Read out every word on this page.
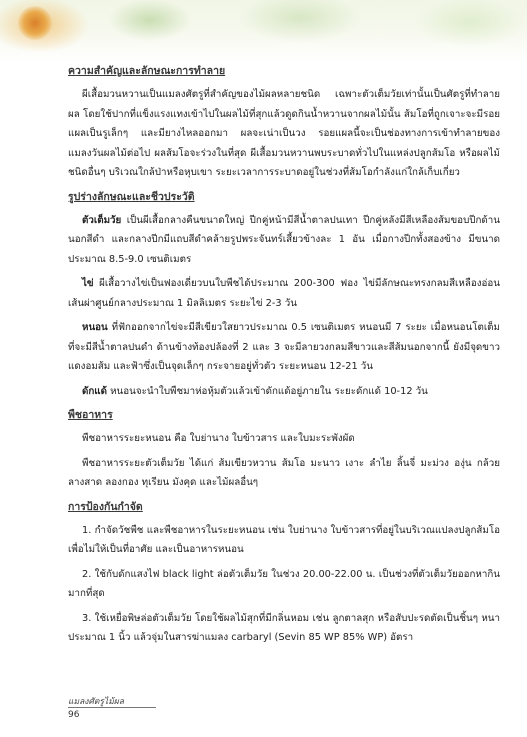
ความสำคัญและลักษณะการทำลาย

ผีเสื้อมวนหวานเป็นแมลงศัตรูที่สำคัญของไม้ผลหลายชนิด เฉพาะตัวเต็มวัยเท่านั้นเป็นศัตรูที่ทำลายผล โดยใช้ปากที่แข็งแรงแทงเข้าไปในผลไม้ที่สุกแล้วดูดกินน้ำหวานจากผลไม้นั้น ส้มโอที่ถูกเจาะจะมีรอยแผลเป็นรูเล็กๆ และมียางไหลออกมา ผลจะเน่าเป็นวง รอยแผลนี้จะเป็นช่องทางการเข้าทำลายของแมลงวันผลไม้ต่อไป ผลส้มโอจะร่วงในที่สุด ผีเสื้อมวนหวานพบระบาดทั่วไปในแหล่งปลูกส้มโอ หรือผลไม้ชนิดอื่นๆ บริเวณใกล้ป่าหรือหุบเขา ระยะเวลาการระบาดอยู่ในช่วงที่ส้มโอกำลังแก่ใกล้เก็บเกี่ยว

รูปร่างลักษณะและชีวประวัติ

ตัวเต็มวัย เป็นผีเสื้อกลางคืนขนาดใหญ่ ปีกคู่หน้ามีสีน้ำตาลปนเทา ปีกคู่หลังมีสีเหลืองส้มขอบปีกด้านนอกสีดำ และกลางปีกมีแถบสีดำคล้ายรูปพระจันทร์เสี้ยวข้างละ 1 อัน เมื่อกางปีกทั้งสองข้าง มีขนาดประมาณ 8.5-9.0 เซนติเมตร

ไข่ ผีเสื้อวางไข่เป็นฟองเดี่ยวบนใบพืชได้ประมาณ 200-300 ฟอง ไข่มีลักษณะทรงกลมสีเหลืองอ่อน เส้นผ่าศูนย์กลางประมาณ 1 มิลลิเมตร ระยะไข่ 2-3 วัน

หนอน ที่ฟักออกจากไข่จะมีสีเขียวใสยาวประมาณ 0.5 เซนติเมตร หนอนมี 7 ระยะ เมื่อหนอนโตเต็มที่จะมีสีน้ำตาลปนดำ ด้านข้างท้องปล้องที่ 2 และ 3 จะมีลายวงกลมสีขาวและสีส้มนอกจากนี้ ยังมีจุดขาวแดงอมส้ม และฟ้าซึ่งเป็นจุดเล็กๆ กระจายอยู่ทั่วตัว ระยะหนอน 12-21 วัน

ดักแด้ หนอนจะนำใบพืชมาห่อหุ้มตัวแล้วเข้าดักแด้อยู่ภายใน ระยะดักแด้ 10-12 วัน

พืชอาหาร

พืชอาหารระยะหนอน คือ ใบย่านาง ใบข้าวสาร และใบมะระพังผัด

พืชอาหารระยะตัวเต็มวัย ได้แก่ ส้มเขียวหวาน ส้มโอ มะนาว เงาะ ลำไย ลิ้นจี่ มะม่วง องุ่น กล้วย ลางสาด ลองกอง ทุเรียน มังคุด และไม้ผลอื่นๆ

การป้องกันกำจัด

1. กำจัดวัชพืช และพืชอาหารในระยะหนอน เช่น ใบย่านาง ใบข้าวสารที่อยู่ในบริเวณแปลงปลูกส้มโอ เพื่อไม่ให้เป็นที่อาศัย และเป็นอาหารหนอน

2. ใช้กับดักแสงไฟ black light ล่อตัวเต็มวัย ในช่วง 20.00-22.00 น. เป็นช่วงที่ตัวเต็มวัยออกหากินมากที่สุด

3. ใช้เหยื่อพิษล่อตัวเต็มวัย โดยใช้ผลไม้สุกที่มีกลิ่นหอม เช่น ลูกตาลสุก หรือสับปะรดตัดเป็นชิ้นๆ หนาประมาณ 1 นิ้ว แล้วจุ่มในสารฆ่าแมลง carbaryl (Sevin 85 WP 85% WP) อัตรา

แมลงศัตรูไม้ผล
96
